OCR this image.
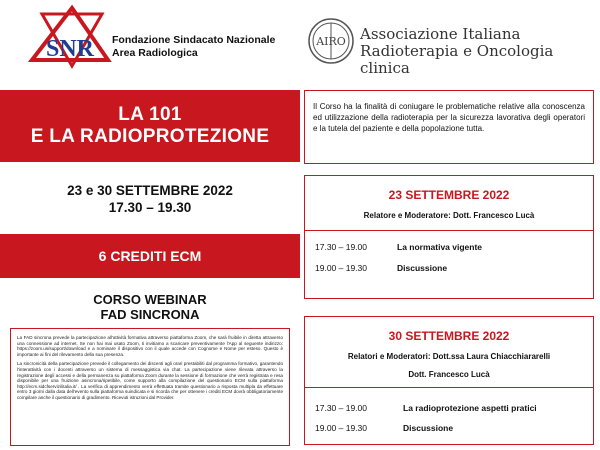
SNR Fondazione Sindacato Nazionale
Area Radiologica
AIRO Associazione Italiana
Radioterapia e Oncologia clinica
LA 101
E LA RADIOPROTEZIONE
23 e 30 SETTEMBRE 2022
17.30 – 19.30
6 CREDITI ECM
CORSO WEBINAR
FAD SINCRONA

La FAD sincrona prevede la partecipazione all'attività formativa attraverso piattaforma Zoom, che sarà fruibile in diretta attraverso una connessione ad internet. Se non hai mai usato Zoom, ti invitiamo a scaricare preventivamente l'App al seguente indirizzo: https://zoom.us/support/download e a nominare il dispositivo con il quale accede con Cognome e Nome per esteso. Questo è importante ai fini del rilevamento della sua presenza.

La sincronicità della partecipazione prevede il collegamento dei discenti agli orari prestabiliti dal programma formativo, garantendo l'interattività con i docenti attraverso un sistema di messaggistica via chat. La partecipazione viene rilevata attraverso la registrazione degli accessi e della permanenza su piattaforma Zoom durante la sessione di formazione che verrà registrata e resa disponibile per una fruizione asincrona/ripetibile, come supporto alla compilazione del questionario ECM sulla piattaforma http://ecm.sidcfservizi/italia.it/ . La verifica di apprendimento verrà effettuata tramite questionario a risposta multipla da effettuare entro 3 giorni dalla data dell'evento sulla piattaforma suindicata e si ricorda che per ottenere i crediti ECM dovrà obbligatoriamente compilare anche il questionario di gradimento. Ricevuti istruzioni dal Provider.

Il Corso ha la finalità di coniugare le problematiche relative alla conoscenza ed utilizzazione della radioterapia per la sicurezza lavorativa degli operatori e la tutela del paziente e della popolazione tutta.
23 SETTEMBRE 2022
Relatore e Moderatore: Dott. Francesco Lucà
17.30 – 19.00	La normativa vigente
19.00 – 19.30	Discussione
30 SETTEMBRE 2022
Relatori e Moderatori: Dott.ssa Laura Chiacchiararelli
Dott. Francesco Lucà
17.30 – 19.00	La radioprotezione aspetti pratici
19.00 – 19.30	Discussione
